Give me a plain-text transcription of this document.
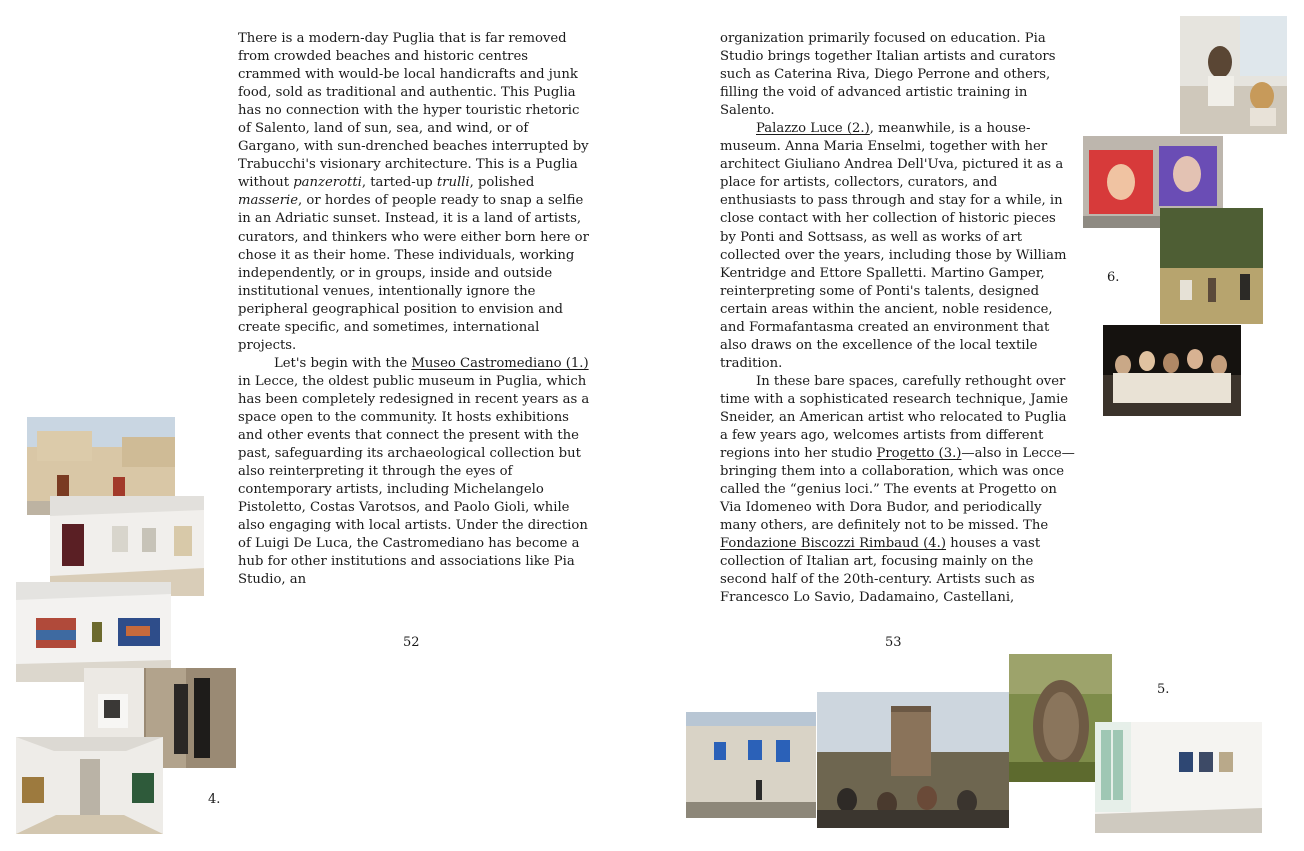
There is a modern-day Puglia that is far removed from crowded beaches and historic centres crammed with would-be local handicrafts and junk food, sold as traditional and authentic. This Puglia has no connection with the hyper touristic rhetoric of Salento, land of sun, sea, and wind, or of Gargano, with sun-drenched beaches interrupted by Trabucchi's visionary architecture. This is a Puglia without panzerotti, tarted-up trulli, polished masserie, or hordes of people ready to snap a selfie in an Adriatic sunset. Instead, it is a land of artists, curators, and thinkers who were either born here or chose it as their home. These individuals, working independently, or in groups, inside and outside institutional venues, intentionally ignore the peripheral geographical position to envision and create specific, and sometimes, international projects.

Let's begin with the Museo Castromediano (1.) in Lecce, the oldest public museum in Puglia, which has been completely redesigned in recent years as a space open to the community. It hosts exhibitions and other events that connect the present with the past, safeguarding its archaeological collection but also reinterpreting it through the eyes of contemporary artists, including Michelangelo Pistoletto, Costas Varotsos, and Paolo Gioli, while also engaging with local artists. Under the direction of Luigi De Luca, the Castromediano has become a hub for other institutions and associations like Pia Studio, an

52

organization primarily focused on education. Pia Studio brings together Italian artists and curators such as Caterina Riva, Diego Perrone and others, filling the void of advanced artistic training in Salento.

Palazzo Luce (2.), meanwhile, is a house-museum. Anna Maria Enselmi, together with her architect Giuliano Andrea Dell'Uva, pictured it as a place for artists, collectors, curators, and enthusiasts to pass through and stay for a while, in close contact with her collection of historic pieces by Ponti and Sottsass, as well as works of art collected over the years, including those by William Kentridge and Ettore Spalletti. Martino Gamper, reinterpreting some of Ponti's talents, designed certain areas within the ancient, noble residence, and Formafantasma created an environment that also draws on the excellence of the local textile tradition.

In these bare spaces, carefully rethought over time with a sophisticated research technique, Jamie Sneider, an American artist who relocated to Puglia a few years ago, welcomes artists from different regions into her studio Progetto (3.)—also in Lecce—bringing them into a collaboration, which was once called the “genius loci.” The events at Progetto on Via Idomeneo with Dora Budor, and periodically many others, are definitely not to be missed. The Fondazione Biscozzi Rimbaud (4.) houses a vast collection of Italian art, focusing mainly on the second half of the 20th-century. Artists such as Francesco Lo Savio, Dadamaino, Castellani,

53
4.
6.
5.
